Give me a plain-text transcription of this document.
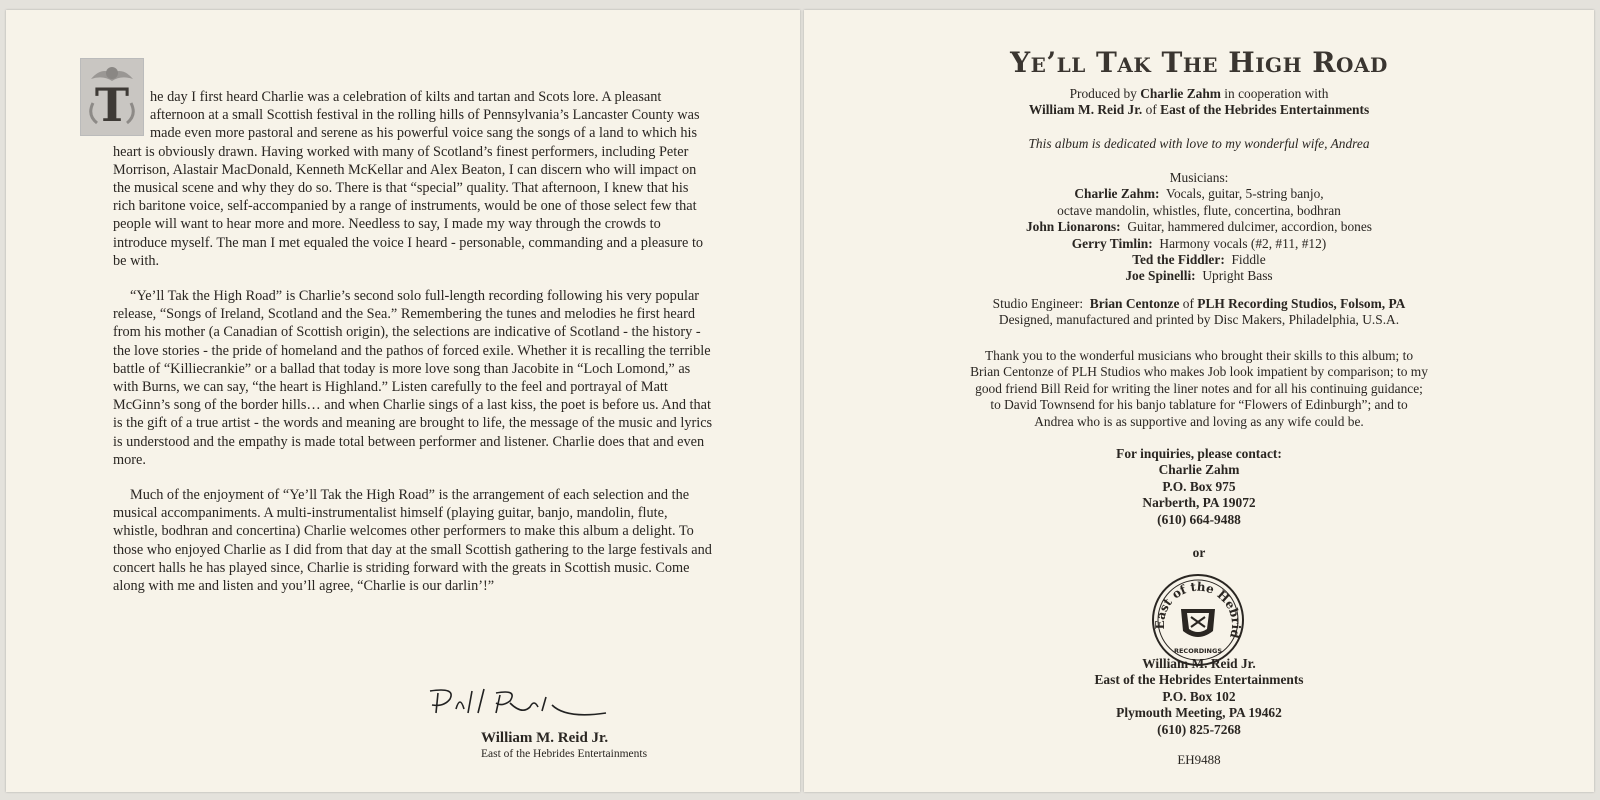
T he day I first heard Charlie was a celebration of kilts and tartan and Scots lore. A pleasant afternoon at a small Scottish festival in the rolling hills of Pennsylvania’s Lancaster County was made even more pastoral and serene as his powerful voice sang the songs of a land to which his heart is obviously drawn. Having worked with many of Scotland’s finest performers, including Peter Morrison, Alastair MacDonald, Kenneth McKellar and Alex Beaton, I can discern who will impact on the musical scene and why they do so. There is that “special” quality. That afternoon, I knew that his rich baritone voice, self-accompanied by a range of instruments, would be one of those select few that people will want to hear more and more. Needless to say, I made my way through the crowds to introduce myself. The man I met equaled the voice I heard - personable, commanding and a pleasure to be with.

“Ye’ll Tak the High Road” is Charlie’s second solo full-length recording following his very popular release, “Songs of Ireland, Scotland and the Sea.” Remembering the tunes and melodies he first heard from his mother (a Canadian of Scottish origin), the selections are indicative of Scotland - the history - the love stories - the pride of homeland and the pathos of forced exile. Whether it is recalling the terrible battle of “Killiecrankie” or a ballad that today is more love song than Jacobite in “Loch Lomond,” as with Burns, we can say, “the heart is Highland.” Listen carefully to the feel and portrayal of Matt McGinn’s song of the border hills… and when Charlie sings of a last kiss, the poet is before us. And that is the gift of a true artist - the words and meaning are brought to life, the message of the music and lyrics is understood and the empathy is made total between performer and listener. Charlie does that and even more.

Much of the enjoyment of “Ye’ll Tak the High Road” is the arrangement of each selection and the musical accompaniments. A multi-instrumentalist himself (playing guitar, banjo, mandolin, flute, whistle, bodhran and concertina) Charlie welcomes other performers to make this album a delight. To those who enjoyed Charlie as I did from that day at the small Scottish gathering to the large festivals and concert halls he has played since, Charlie is striding forward with the greats in Scottish music. Come along with me and listen and you’ll agree, “Charlie is our darlin’!”

William M. Reid Jr.
East of the Hebrides Entertainments
Ye’ll Tak The High Road
Produced by Charlie Zahm in cooperation with
William M. Reid Jr. of East of the Hebrides Entertainments
This album is dedicated with love to my wonderful wife, Andrea
Musicians:
Charlie Zahm: Vocals, guitar, 5-string banjo,
octave mandolin, whistles, flute, concertina, bodhran
John Lionarons: Guitar, hammered dulcimer, accordion, bones
Gerry Timlin: Harmony vocals (#2, #11, #12)
Ted the Fiddler: Fiddle
Joe Spinelli: Upright Bass
Studio Engineer:  Brian Centonze of PLH Recording Studios, Folsom, PA
Designed, manufactured and printed by Disc Makers, Philadelphia, U.S.A.
Thank you to the wonderful musicians who brought their skills to this album; to
Brian Centonze of PLH Studios who makes Job look impatient by comparison; to my
good friend Bill Reid for writing the liner notes and for all his continuing guidance;
to David Townsend for his banjo tablature for “Flowers of Edinburgh”; and to
Andrea who is as supportive and loving as any wife could be.
For inquiries, please contact:
Charlie Zahm
P.O. Box 975
Narberth, PA 19072
(610) 664-9488
or
East of the Hebrid
RECORDINGS
William M. Reid Jr.
East of the Hebrides Entertainments
P.O. Box 102
Plymouth Meeting, PA 19462
(610) 825-7268
EH9488
